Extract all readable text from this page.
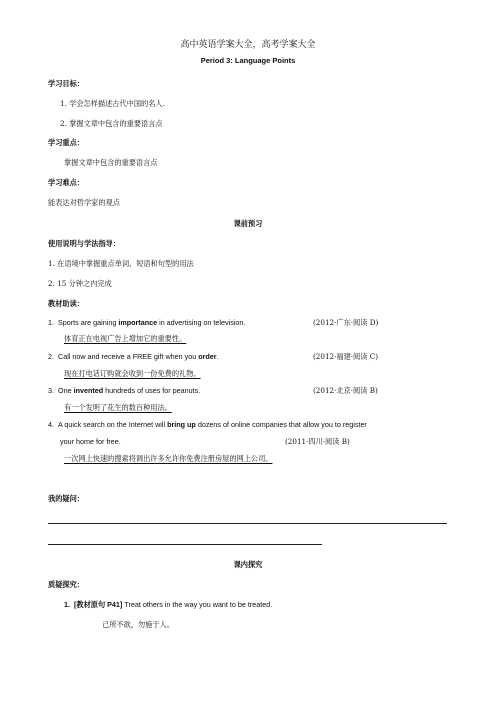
高中英语学案大全，高考学案大全
Period 3: Language Points
学习目标：
1. 学会怎样描述古代中国的名人.
2. 掌握文章中包含的重要语言点
学习重点：
掌握文章中包含的重要语言点
学习难点：
能表达对哲学家的观点
课前预习
使用说明与学法指导：
1. 在语境中掌握重点单词、短语和句型的用法
2. 15 分钟之内完成
教材助读：
1. Sports are gaining importance in advertising on television.	(2012·广东·阅读 D)
体育正在电视广告上增加它的重要性。
2. Call now and receive a FREE gift when you order.	(2012·福建·阅读 C)
现在打电话订购就会收到一份免费的礼物。
3. One invented hundreds of uses for peanuts.	(2012·北京·阅读 B)
有一个发明了花生的数百种用法。
4. A quick search on the Internet will bring up dozens of online companies that allow you to register
your home for free.	(2011·四川·阅读 B)
一次网上快速的搜索将调出许多允许你免费注册房屋的网上公司。
我的疑问：
课内探究
质疑探究：
1. [教材原句 P41] Treat others in the way you want to be treated.
己所不欲，勿施于人。
